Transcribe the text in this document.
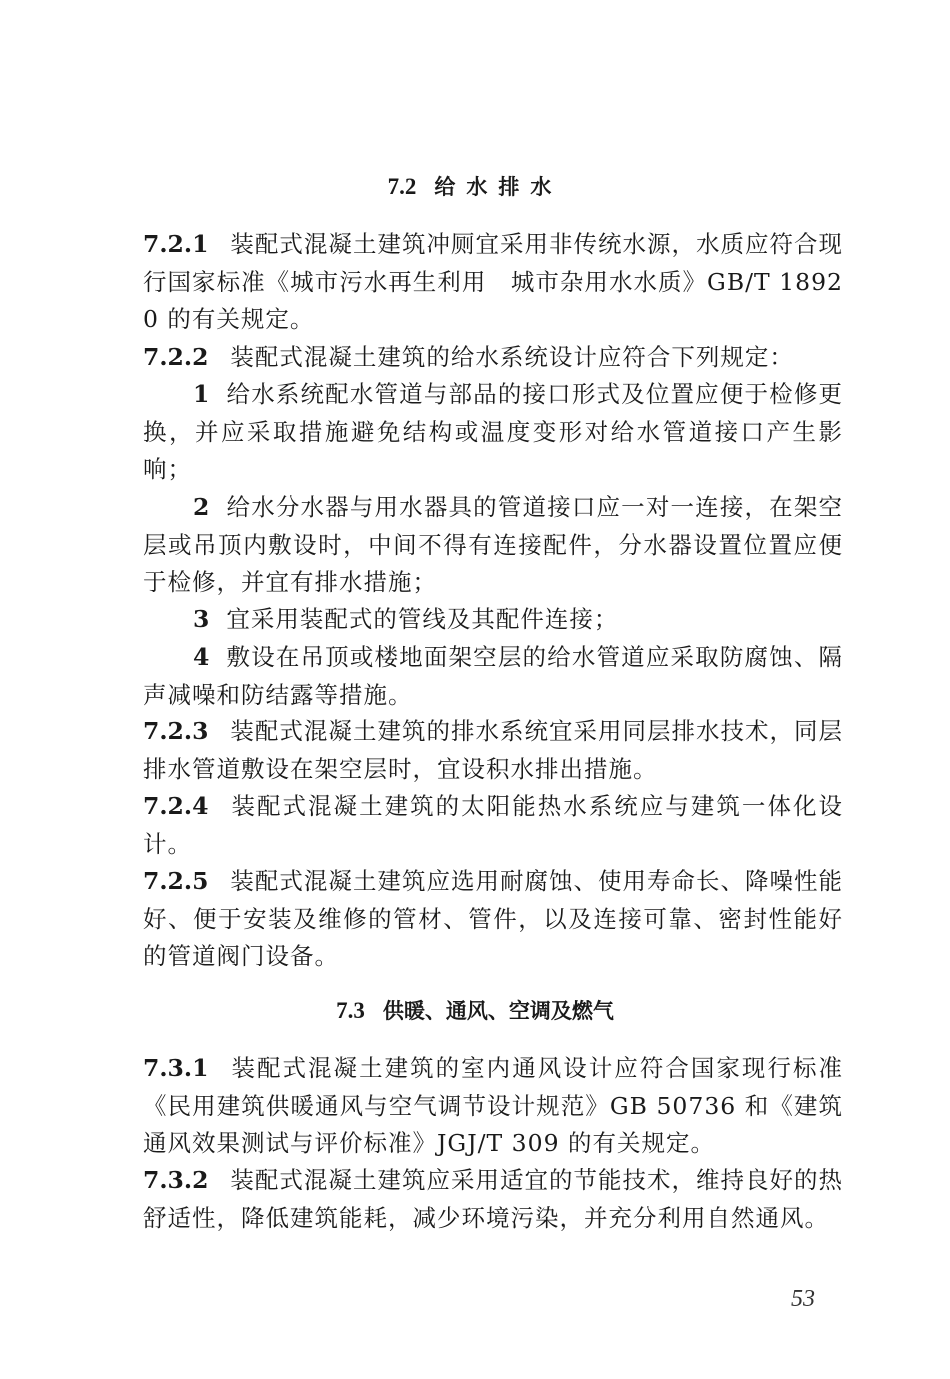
7.2 给水排水
7.2.1 装配式混凝土建筑冲厕宜采用非传统水源，水质应符合现行国家标准《城市污水再生利用　城市杂用水水质》GB/T 18920 的有关规定。
7.2.2 装配式混凝土建筑的给水系统设计应符合下列规定：
1 给水系统配水管道与部品的接口形式及位置应便于检修更换，并应采取措施避免结构或温度变形对给水管道接口产生影响；
2 给水分水器与用水器具的管道接口应一对一连接，在架空层或吊顶内敷设时，中间不得有连接配件，分水器设置位置应便于检修，并宜有排水措施；
3 宜采用装配式的管线及其配件连接；
4 敷设在吊顶或楼地面架空层的给水管道应采取防腐蚀、隔声减噪和防结露等措施。
7.2.3 装配式混凝土建筑的排水系统宜采用同层排水技术，同层排水管道敷设在架空层时，宜设积水排出措施。
7.2.4 装配式混凝土建筑的太阳能热水系统应与建筑一体化设计。
7.2.5 装配式混凝土建筑应选用耐腐蚀、使用寿命长、降噪性能好、便于安装及维修的管材、管件，以及连接可靠、密封性能好的管道阀门设备。
7.3 供暖、通风、空调及燃气
7.3.1 装配式混凝土建筑的室内通风设计应符合国家现行标准《民用建筑供暖通风与空气调节设计规范》GB 50736 和《建筑通风效果测试与评价标准》JGJ/T 309 的有关规定。
7.3.2 装配式混凝土建筑应采用适宜的节能技术，维持良好的热舒适性，降低建筑能耗，减少环境污染，并充分利用自然通风。
53
